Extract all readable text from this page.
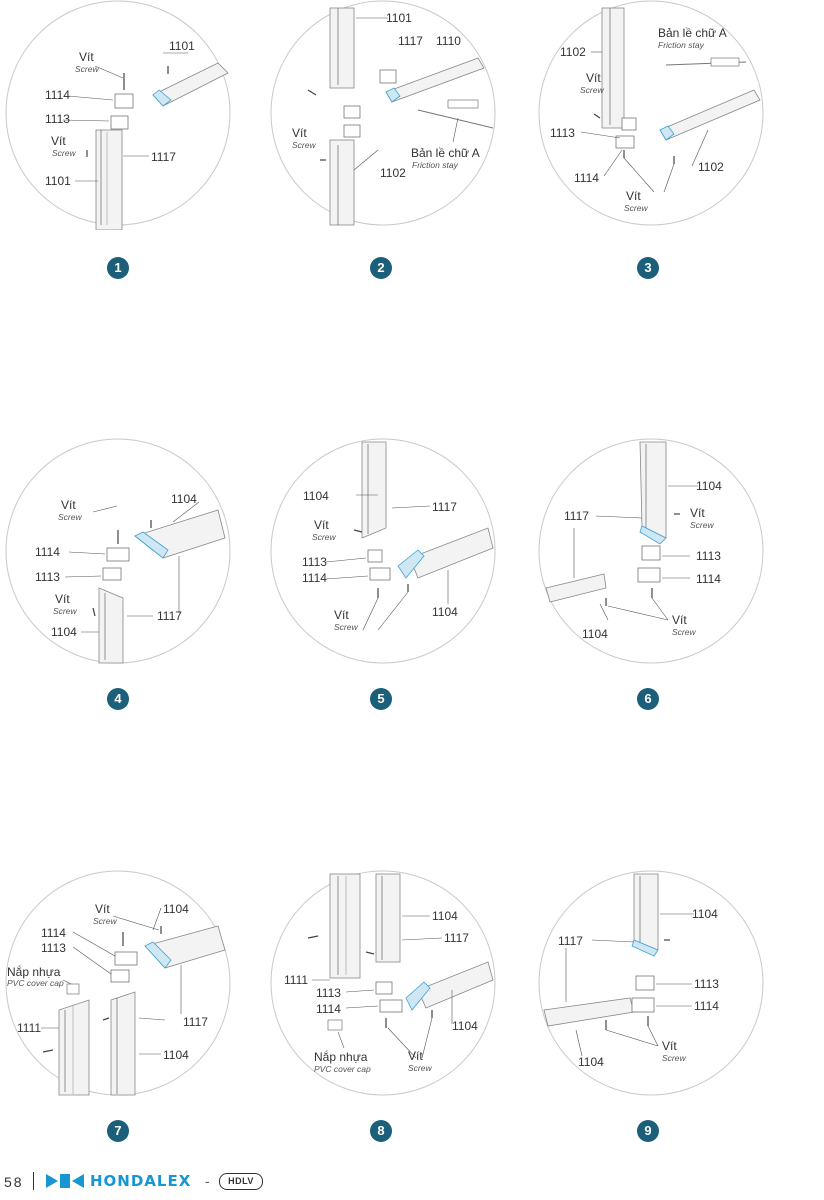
1101
1114
1113
1117
1101
Vít
Screw
Vít
Screw
1
1101
1117 1110
1102
Vít
Screw
Bản lề chữ A
Friction stay
2
1102
1113
1114
1102
Vít
Screw
Vít
Screw
Bản lề chữ A
Friction stay
3
1104
1114
1113
1104
1117
Vít
Screw
Vít
Screw
4
1104
1117
1113
1114
1104
Vít
Screw
Vít
Screw
5
1104
1117
1113
1114
1104
Vít
Screw
Vít
Screw
6
1104
1114
1113
1111	1117
1104
Vít
Screw
Nắp nhựa
PVC cover cap
7
1104
1117
1111
1113
1114
1104
Vít
Screw
Nắp nhựa
PVC cover cap
8
1104
1117
1113
1114
1104
Vít
Screw
9
58	HONDALEX -	HDLV
